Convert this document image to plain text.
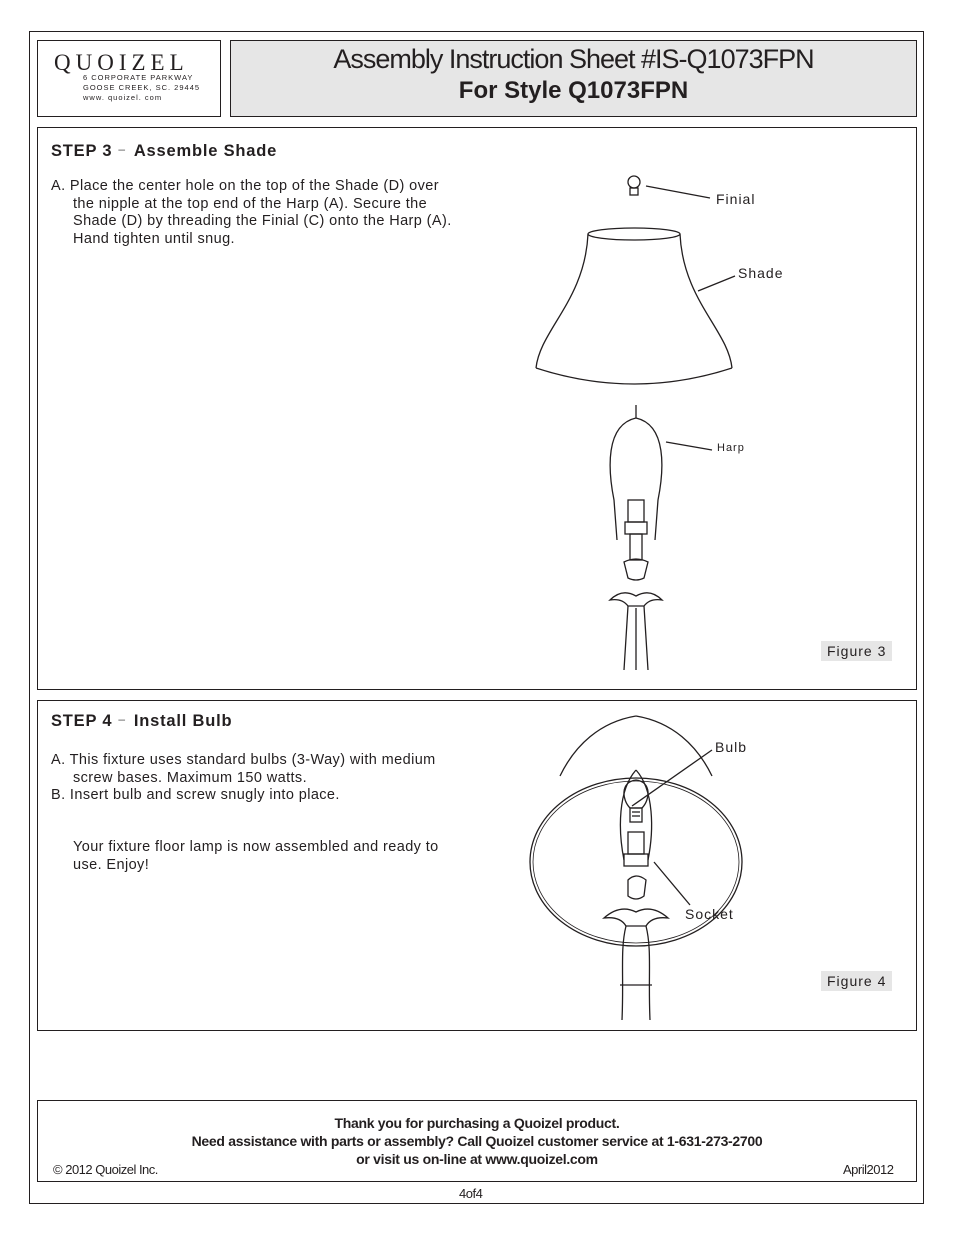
QUOIZEL
6 CORPORATE PARKWAY
GOOSE CREEK, SC. 29445
www. quoizel. com
Assembly Instruction Sheet #IS-Q1073FPN
For Style Q1073FPN
STEP 3 – Assemble Shade
A. Place the center hole on the top of the Shade (D) over
the nipple at the top end of the Harp (A). Secure the
Shade (D) by threading the Finial (C) onto the Harp (A).
Hand tighten until snug.
Finial
Shade
Harp
Figure 3
STEP 4 – Install Bulb
A. This fixture uses standard bulbs (3-Way) with medium
screw bases. Maximum 150 watts.
B. Insert bulb and screw snugly into place.
Your fixture floor lamp is now assembled and ready to
use. Enjoy!
Bulb
Socket
Figure 4
Thank you for purchasing a Quoizel product.
Need assistance with parts or assembly? Call Quoizel customer service at 1-631-273-2700
or visit us on-line at www.quoizel.com
© 2012 Quoizel Inc.	April2012
4of4
